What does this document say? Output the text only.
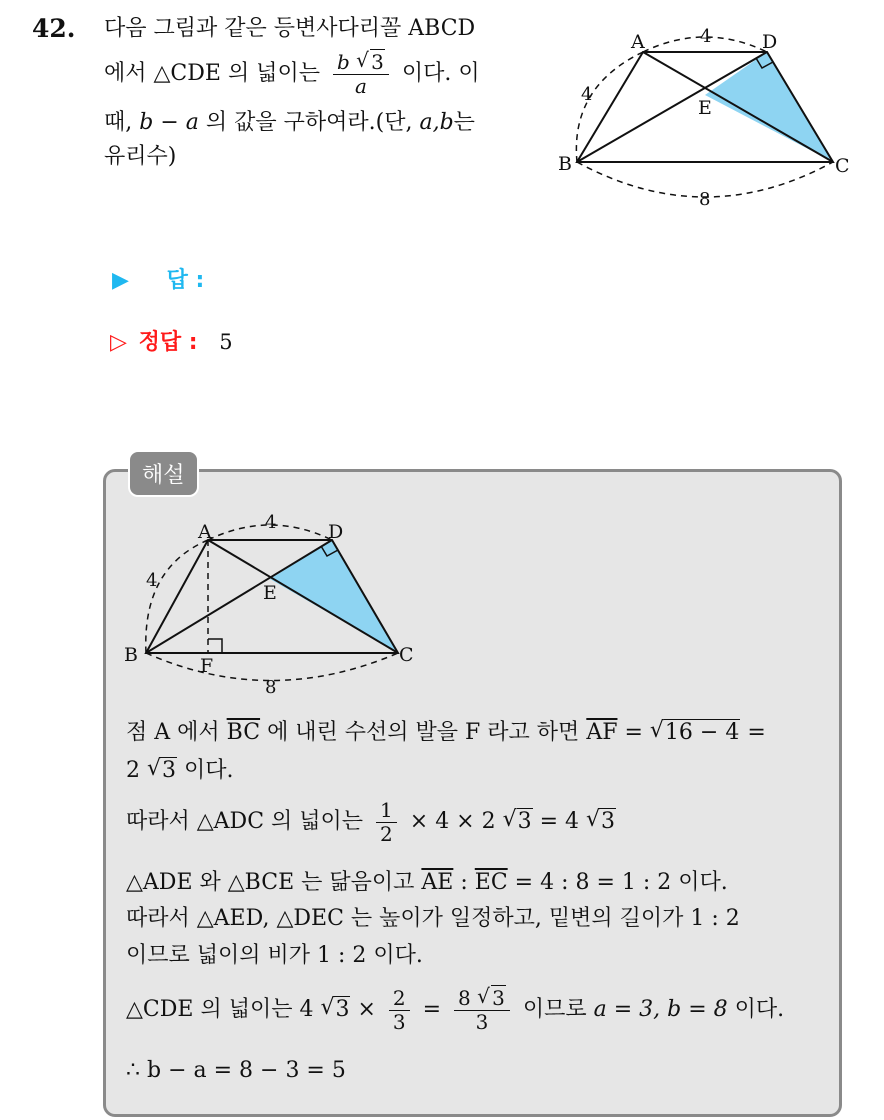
42. 다음 그림과 같은 등변사다리꼴 ABCD
에서 △CDE 의 넓이는 $\frac{b √ 3}{a}$ 이다. 이
때, b − a 의 값을 구하여라.(단, a,b는
유리수)
A	D
B	C
E
4
4
8
▶ 답 :
▷ 정답 : 5
해설
A	D
B	C
E
F
4
4
8
점 A 에서 $\overline{BC}$ 에 내린 수선의 발을 F 라고 하면 $\overline{AF}$ = √ 16 − 4 =
2 √ 3 이다.
따라서 △ADC 의 넓이는 $\frac{1}{2} \times 4 \times 2$ √ 3 = 4 √ 3
△ADE 와 △BCE 는 닮음이고 $\overline{AE}$ : $\overline{EC} = 4$ : 8 = 1 : 2 이다.
따라서 △AED, △DEC 는 높이가 일정하고, 밑변의 길이가 1 : 2
이므로 넓이의 비가 1 : 2 이다.
△CDE 의 넓이는 4 √ $3 \times \frac{2}{3} = \frac{8 √ 3}{3}$ 이므로 a = 3, b = 8 이다.
∴ b − a = 8 − 3 = 5
